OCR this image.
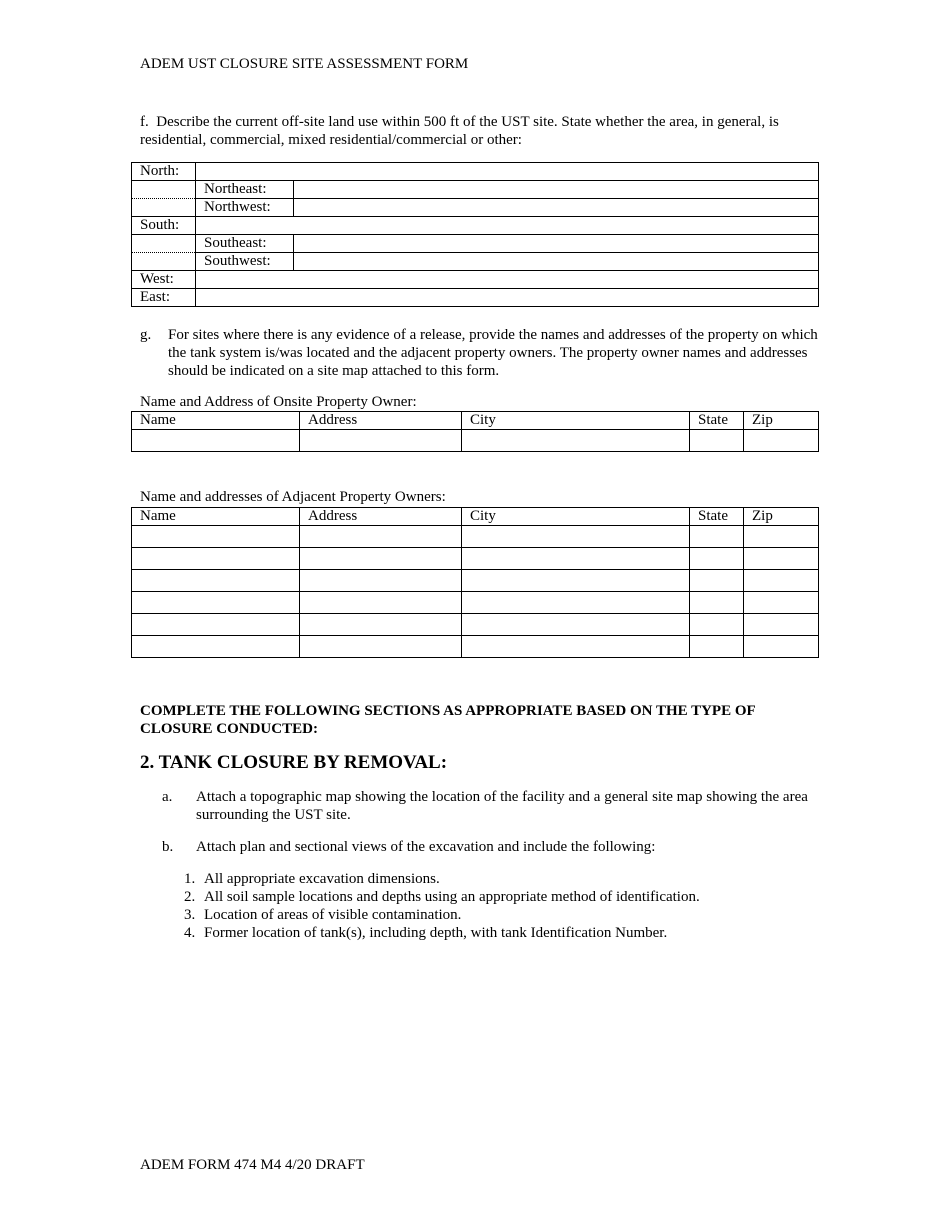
ADEM UST CLOSURE SITE ASSESSMENT FORM
f. Describe the current off-site land use within 500 ft of the UST site. State whether the area, in general, is residential, commercial, mixed residential/commercial or other:
North:		
	Northeast:	
	Northwest:	
South:		
	Southeast:	
	Southwest:	
West:		
East:		
g. For sites where there is any evidence of a release, provide the names and addresses of the property on which the tank system is/was located and the adjacent property owners. The property owner names and addresses should be indicated on a site map attached to this form.
Name and Address of Onsite Property Owner:
Name	Address	City	State	Zip

Name and addresses of Adjacent Property Owners:
Name	Address	City	State	Zip

COMPLETE THE FOLLOWING SECTIONS AS APPROPRIATE BASED ON THE TYPE OF
CLOSURE CONDUCTED:
2. TANK CLOSURE BY REMOVAL:
a. Attach a topographic map showing the location of the facility and a general site map showing the area surrounding the UST site.
b. Attach plan and sectional views of the excavation and include the following:
1. All appropriate excavation dimensions.
2. All soil sample locations and depths using an appropriate method of identification.
3. Location of areas of visible contamination.
4. Former location of tank(s), including depth, with tank Identification Number.
ADEM FORM 474 M4 4/20 DRAFT
